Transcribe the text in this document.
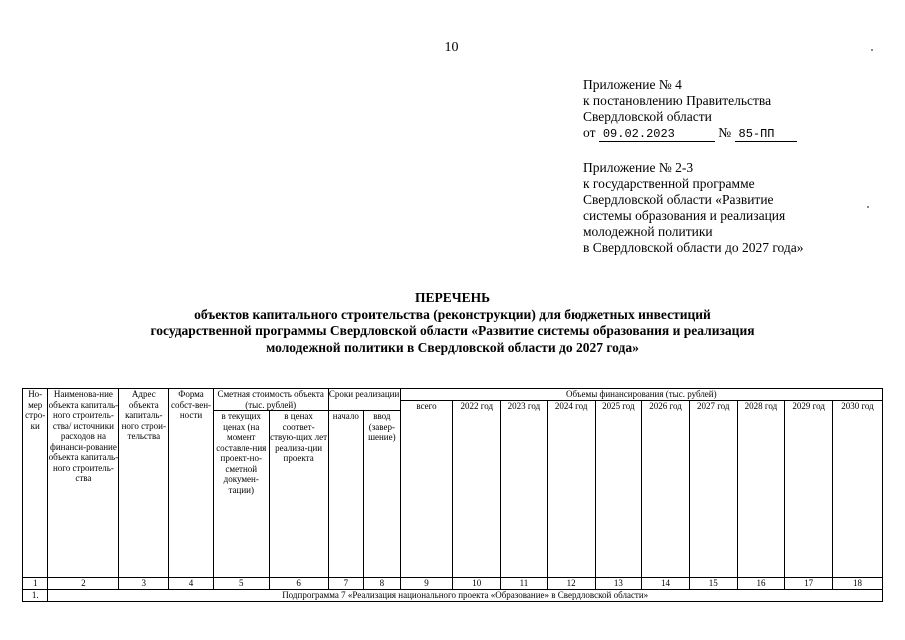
10
Приложение № 4
к постановлению Правительства
Свердловской области
от 09.02.2023	№ 85-ПП
Приложение № 2-3
к государственной программе
Свердловской области «Развитие
системы образования и реализация
молодежной политики
в Свердловской области до 2027 года»
ПЕРЕЧЕНЬ
объектов капитального строительства (реконструкции) для бюджетных инвестиций
государственной программы Свердловской области «Развитие системы образования и реализация
молодежной политики в Свердловской области до 2027 года»
Но-мер стро-ки	Наименова-ние объекта капиталь-ного строитель-ства/ источники расходов на финанси-рование объекта капиталь-ного строитель-ства	Адрес объекта капиталь-ного строи-тельства	Форма собст-вен-ности	Сметная стоимость объекта (тыс. рублей)		Сроки реализации		Объемы финансирования (тыс. рублей)									
								всего	2022 год	2023 год	2024 год	2025 год	2026 год	2027 год	2028 год	2029 год	2030 год
				в текущих ценах (на момент составле-ния проект-но-сметной докумен-тации)	в ценах соответ-ствую-щих лет реализа-ции проекта	начало	ввод (завер-шение)										
1	2	3	4	5	6	7	8	9	10	11	12	13	14	15	16	17	18
1.	Подпрограмма 7 «Реализация национального проекта «Образование» в Свердловской области»																
